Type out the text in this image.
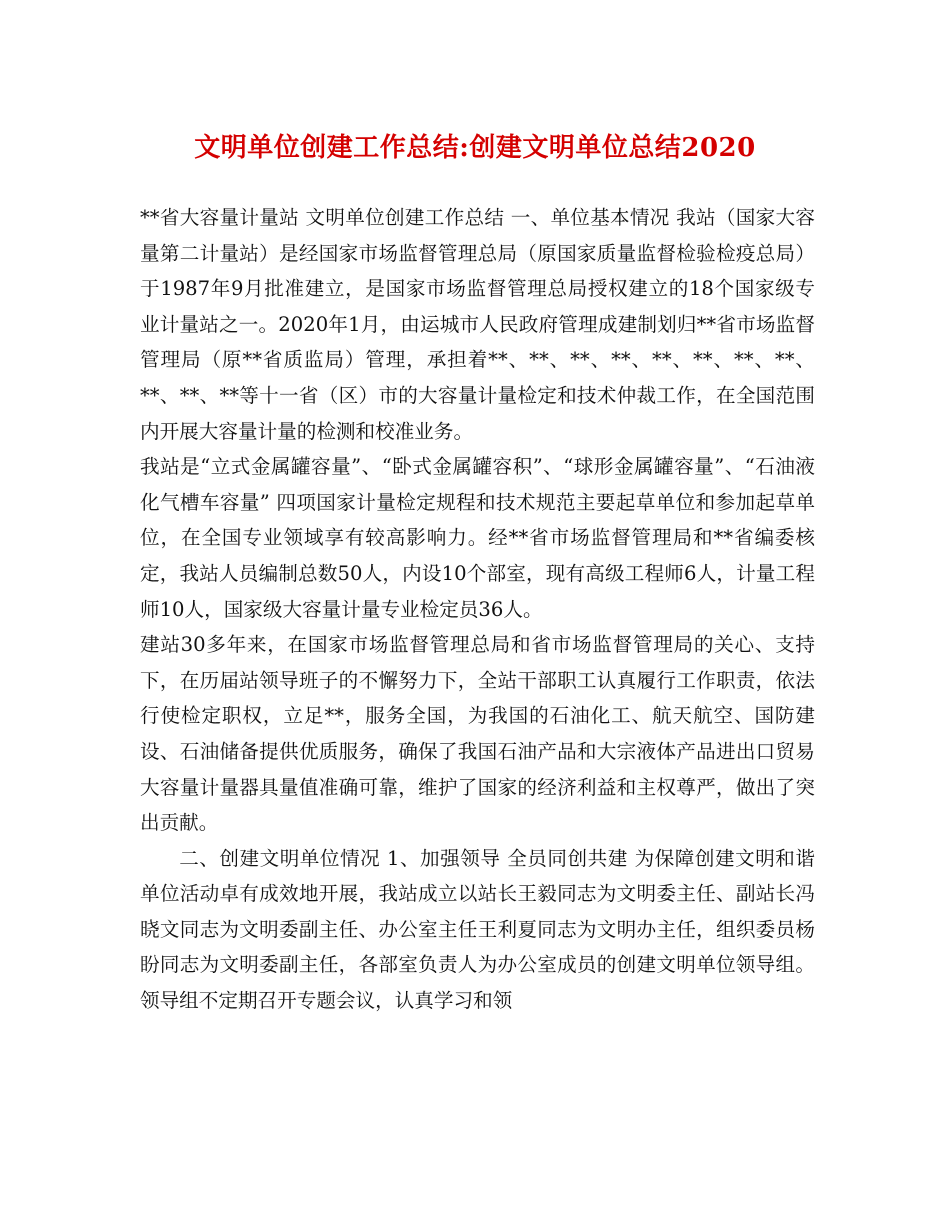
文明单位创建工作总结:创建文明单位总结2020

**省大容量计量站 文明单位创建工作总结 一、单位基本情况 我站（国家大容量第二计量站）是经国家市场监督管理总局（原国家质量监督检验检疫总局）于1987年9月批准建立，是国家市场监督管理总局授权建立的18个国家级专业计量站之一。2020年1月，由运城市人民政府管理成建制划归**省市场监督管理局（原**省质监局）管理，承担着**、**、**、**、**、**、**、**、**、**、**等十一省（区）市的大容量计量检定和技术仲裁工作，在全国范围内开展大容量计量的检测和校准业务。

我站是“立式金属罐容量”、“卧式金属罐容积”、“球形金属罐容量”、“石油液化气槽车容量” 四项国家计量检定规程和技术规范主要起草单位和参加起草单位，在全国专业领域享有较高影响力。经**省市场监督管理局和**省编委核定，我站人员编制总数50人，内设10个部室，现有高级工程师6人，计量工程师10人，国家级大容量计量专业检定员36人。

建站30多年来，在国家市场监督管理总局和省市场监督管理局的关心、支持下，在历届站领导班子的不懈努力下，全站干部职工认真履行工作职责，依法行使检定职权，立足**，服务全国，为我国的石油化工、航天航空、国防建设、石油储备提供优质服务，确保了我国石油产品和大宗液体产品进出口贸易大容量计量器具量值准确可靠，维护了国家的经济利益和主权尊严，做出了突出贡献。

二、创建文明单位情况 1、加强领导 全员同创共建 为保障创建文明和谐单位活动卓有成效地开展，我站成立以站长王毅同志为文明委主任、副站长冯晓文同志为文明委副主任、办公室主任王利夏同志为文明办主任，组织委员杨盼同志为文明委副主任，各部室负责人为办公室成员的创建文明单位领导组。领导组不定期召开专题会议，认真学习和领
